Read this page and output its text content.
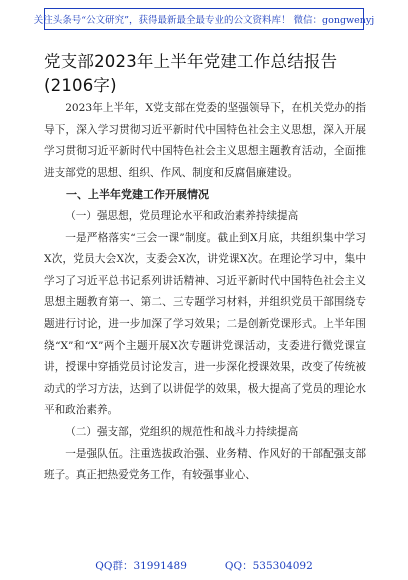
关注头条号“公文研究”，获得最新最全最专业的公文资料库！ 微信：gongwenyj
党支部2023年上半年党建工作总结报告(2106字)

2023年上半年，X党支部在党委的坚强领导下，在机关党办的指导下，深入学习贯彻习近平新时代中国特色社会主义思想，深入开展学习贯彻习近平新时代中国特色社会主义思想主题教育活动，全面推进支部党的思想、组织、作风、制度和反腐倡廉建设。

一、上半年党建工作开展情况

（一）强思想，党员理论水平和政治素养持续提高

一是严格落实“三会一课”制度。截止到X月底，共组织集中学习X次，党员大会X次，支委会X次，讲党课X次。在理论学习中，集中学习了习近平总书记系列讲话精神、习近平新时代中国特色社会主义思想主题教育第一、第二、三专题学习材料，并组织党员干部围绕专题进行讨论，进一步加深了学习效果；二是创新党课形式。上半年围绕“X”和“X”两个主题开展X次专题讲党课活动，支委进行微党课宣讲，授课中穿插党员讨论发言，进一步深化授课效果，改变了传统被动式的学习方法，达到了以讲促学的效果，极大提高了党员的理论水平和政治素养。

（二）强支部，党组织的规范性和战斗力持续提高

一是强队伍。注重选拔政治强、业务精、作风好的干部配强支部班子。真正把热爱党务工作，有较强事业心、

QQ群：31991489	QQ：535304092
